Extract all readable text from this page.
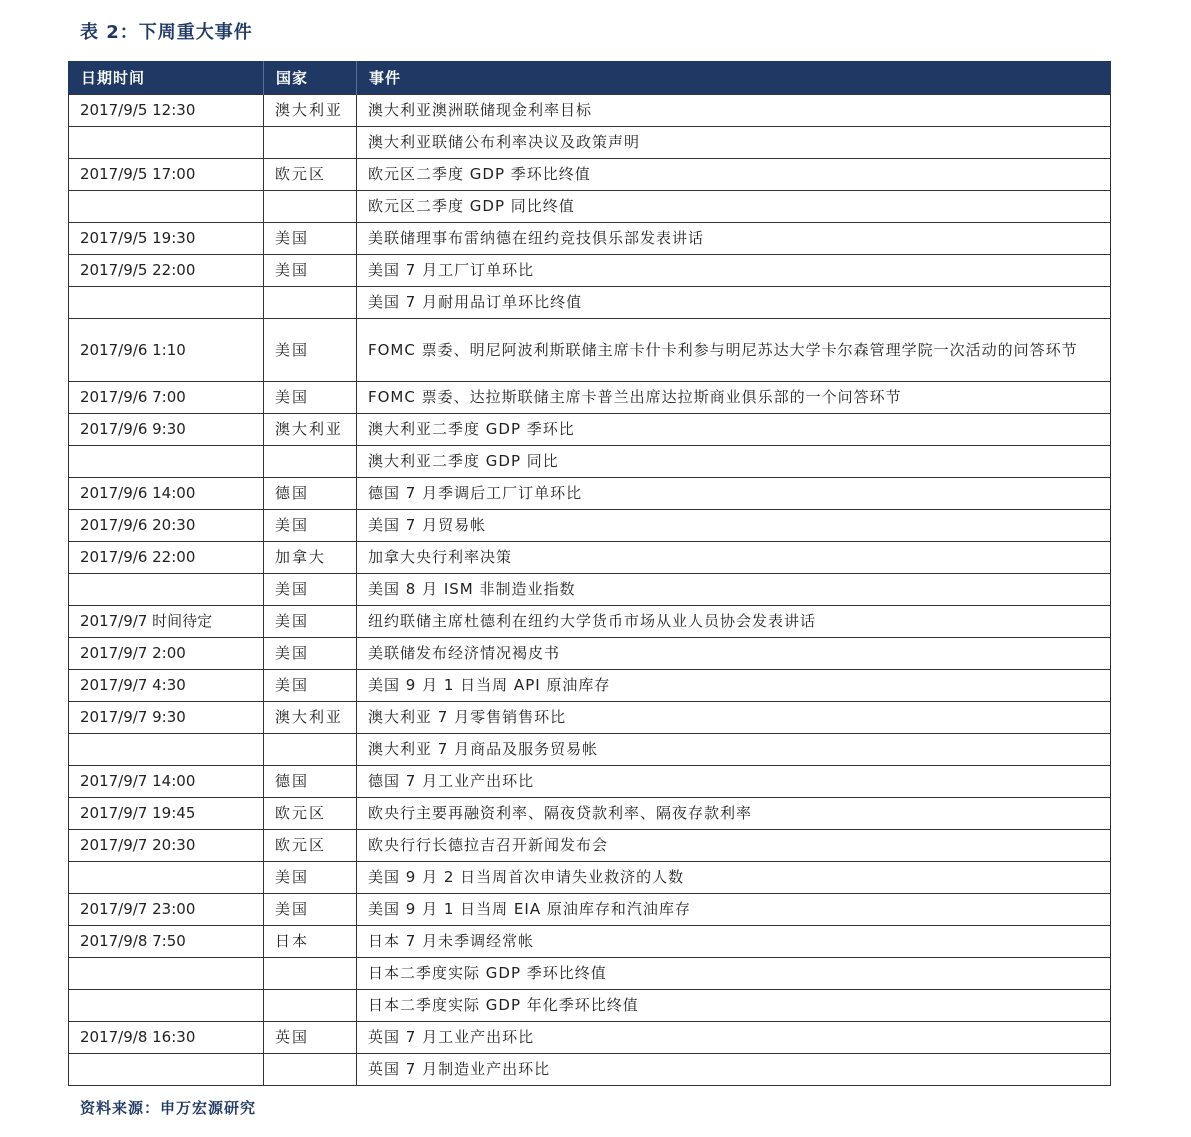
表 2：下周重大事件
日期时间	国家	事件
2017/9/5 12:30	澳大利亚	澳大利亚澳洲联储现金利率目标
		澳大利亚联储公布利率决议及政策声明
2017/9/5 17:00	欧元区	欧元区二季度 GDP 季环比终值
		欧元区二季度 GDP 同比终值
2017/9/5 19:30	美国	美联储理事布雷纳德在纽约竞技俱乐部发表讲话
2017/9/5 22:00	美国	美国 7 月工厂订单环比
		美国 7 月耐用品订单环比终值
2017/9/6 1:10	美国	FOMC 票委、明尼阿波利斯联储主席卡什卡利参与明尼苏达大学卡尔森管理学院一次活动的问答环节
2017/9/6 7:00	美国	FOMC 票委、达拉斯联储主席卡普兰出席达拉斯商业俱乐部的一个问答环节
2017/9/6 9:30	澳大利亚	澳大利亚二季度 GDP 季环比
		澳大利亚二季度 GDP 同比
2017/9/6 14:00	德国	德国 7 月季调后工厂订单环比
2017/9/6 20:30	美国	美国 7 月贸易帐
2017/9/6 22:00	加拿大	加拿大央行利率决策
	美国	美国 8 月 ISM 非制造业指数
2017/9/7 时间待定	美国	纽约联储主席杜德利在纽约大学货币市场从业人员协会发表讲话
2017/9/7 2:00	美国	美联储发布经济情况褐皮书
2017/9/7 4:30	美国	美国 9 月 1 日当周 API 原油库存
2017/9/7 9:30	澳大利亚	澳大利亚 7 月零售销售环比
		澳大利亚 7 月商品及服务贸易帐
2017/9/7 14:00	德国	德国 7 月工业产出环比
2017/9/7 19:45	欧元区	欧央行主要再融资利率、隔夜贷款利率、隔夜存款利率
2017/9/7 20:30	欧元区	欧央行行长德拉吉召开新闻发布会
	美国	美国 9 月 2 日当周首次申请失业救济的人数
2017/9/7 23:00	美国	美国 9 月 1 日当周 EIA 原油库存和汽油库存
2017/9/8 7:50	日本	日本 7 月未季调经常帐
		日本二季度实际 GDP 季环比终值
		日本二季度实际 GDP 年化季环比终值
2017/9/8 16:30	英国	英国 7 月工业产出环比
		英国 7 月制造业产出环比
资料来源：申万宏源研究
